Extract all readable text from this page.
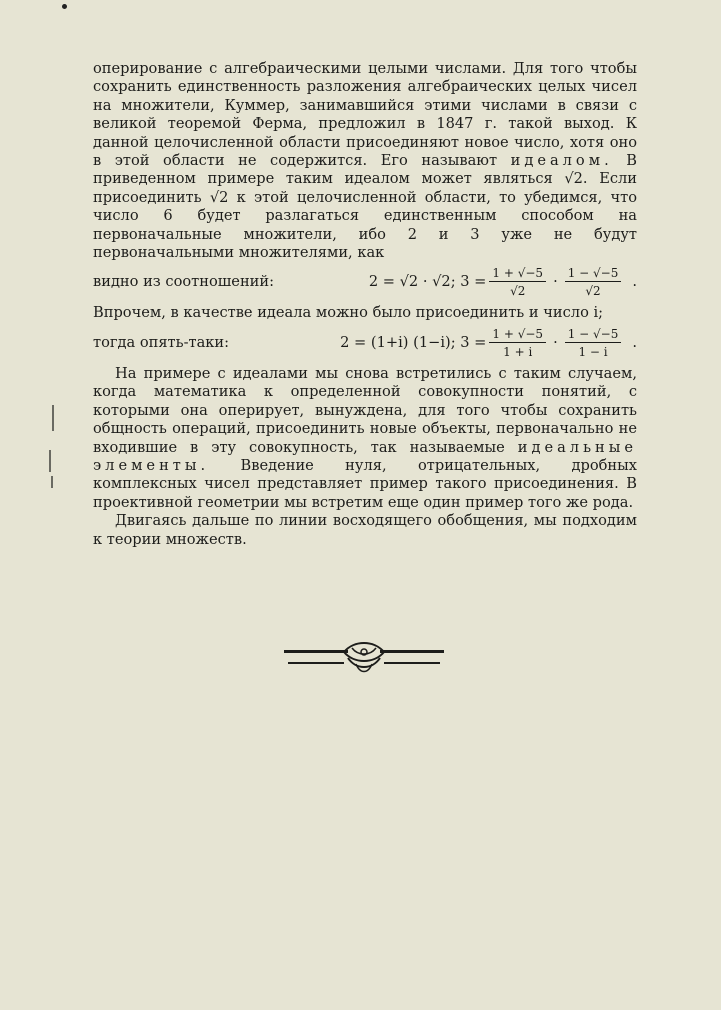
оперирование с алгебраическими целыми числами. Для того чтобы сохранить единственность разложения алгебраических целых чисел на множители, Куммер, занимавшийся этими числами в связи с великой теоремой Ферма, предложил в 1847 г. такой выход. К данной целочисленной области присоединяют новое число, хотя оно в этой области не содержится. Его называют идеалом. В приведенном примере таким идеалом может являться √2. Если присоединить √2 к этой целочисленной области, то убедимся, что число 6 будет разлагаться единственным способом на первоначальные множители, ибо 2 и 3 уже не будут первоначальными множителями, как

видно из соотношений:	2 = √2 · √2; $3 = \frac{1 + √-5}{√2} \cdot \frac{1 - √-5}{√2}$ .

Впрочем, в качестве идеала можно было присоединить и число i;

тогда опять-таки:	2 = (1+i) (1−i); $3 = \frac{1 + √-5}{1 + i} \cdot \frac{1 - √-5}{1 - i}$ .

На примере с идеалами мы снова встретились с таким случаем, когда математика к определенной совокупности понятий, с которыми она оперирует, вынуждена, для того чтобы сохранить общность операций, присоединить новые объекты, первоначально не входившие в эту совокупность, так называемые идеальные элементы. Введение нуля, отрицательных, дробных комплексных чисел представляет пример такого присоединения. В проективной геометрии мы встретим еще один пример того же рода.

Двигаясь дальше по линии восходящего обобщения, мы подходим к теории множеств.
